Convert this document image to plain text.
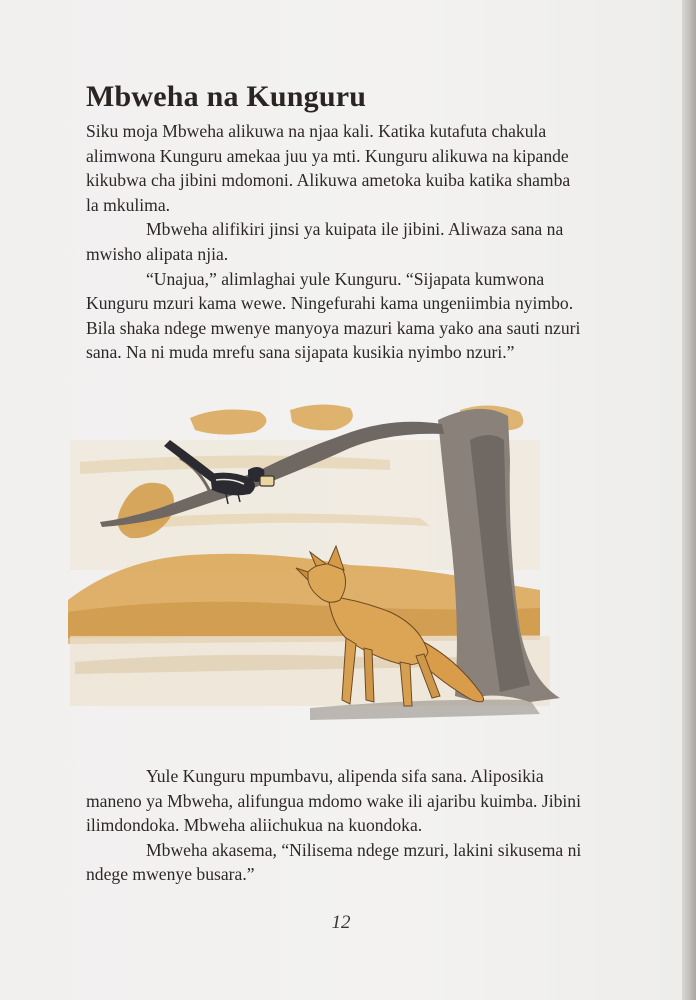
Mbweha na Kunguru

Siku moja Mbweha alikuwa na njaa kali. Katika kutafuta chakula alimwona Kunguru amekaa juu ya mti. Kunguru alikuwa na kipande kikubwa cha jibini mdomoni. Alikuwa ametoka kuiba katika shamba la mkulima.

Mbweha alifikiri jinsi ya kuipata ile jibini. Aliwaza sana na mwisho alipata njia.

“Unajua,” alimlaghai yule Kunguru. “Sijapata kumwona Kunguru mzuri kama wewe. Ningefurahi kama ungeniimbia nyimbo. Bila shaka ndege mwenye manyoya mazuri kama yako ana sauti nzuri sana. Na ni muda mrefu sana sijapata kusikia nyimbo nzuri.”

Yule Kunguru mpumbavu, alipenda sifa sana. Aliposikia maneno ya Mbweha, alifungua mdomo wake ili ajaribu kuimba. Jibini ilimdondoka. Mbweha aliichukua na kuondoka.

Mbweha akasema, “Nilisema ndege mzuri, lakini sikusema ni ndege mwenye busara.”

12
